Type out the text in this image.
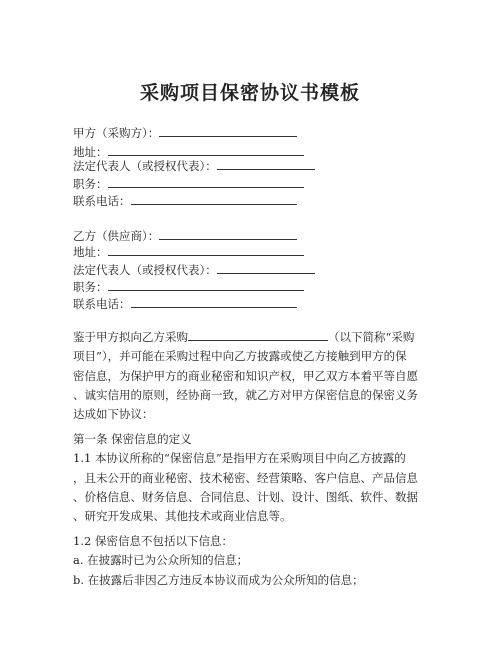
采购项目保密协议书模板
甲方（采购方）：
地址：
法定代表人（或授权代表）：
职务：
联系电话：
乙方（供应商）：
地址：
法定代表人（或授权代表）：
职务：
联系电话：

鉴于甲方拟向乙方采购	（以下简称“采购

项目”），并可能在采购过程中向乙方披露或使乙方接触到甲方的保

密信息，为保护甲方的商业秘密和知识产权，甲乙双方本着平等自愿

、诚实信用的原则，经协商一致，就乙方对甲方保密信息的保密义务

达成如下协议：

第一条 保密信息的定义

1.1 本协议所称的“保密信息”是指甲方在采购项目中向乙方披露的

，且未公开的商业秘密、技术秘密、经营策略、客户信息、产品信息

、价格信息、财务信息、合同信息、计划、设计、图纸、软件、数据

、研究开发成果、其他技术或商业信息等。

1.2 保密信息不包括以下信息：

a. 在披露时已为公众所知的信息；

b. 在披露后非因乙方违反本协议而成为公众所知的信息；
